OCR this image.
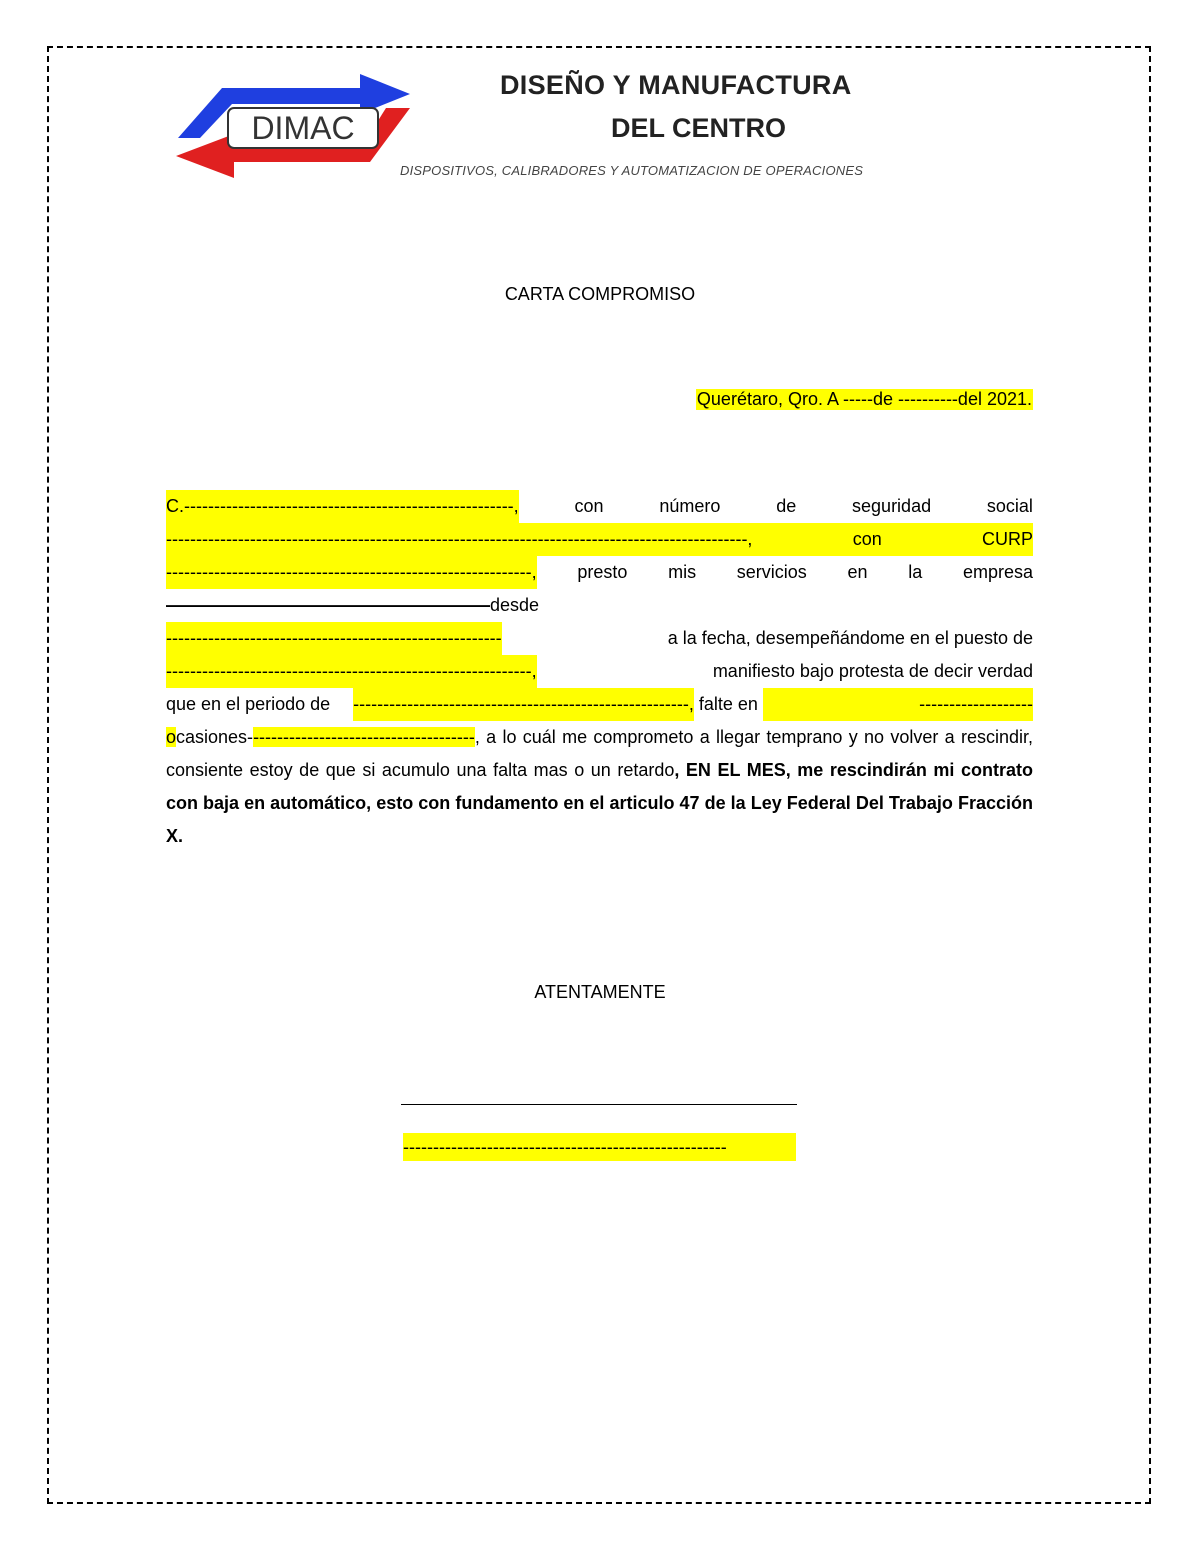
DIMAC
DISEÑO Y MANUFACTURA
DEL CENTRO
DISPOSITIVOS, CALIBRADORES Y AUTOMATIZACION DE OPERACIONES
CARTA COMPROMISO
Querétaro, Qro. A -----de ----------del 2021.
C.-------------------------------------------------------,	con	número	de	seguridad	social
-------------------------------------------------------------------------------------------------,	con	CURP
-------------------------------------------------------------, presto mis servicios en la empresa
—————————————————— desde
--------------------------------------------------------	a la fecha, desempeñándome en el puesto de
-------------------------------------------------------------,	manifiesto bajo protesta de decir verdad
que en el periodo de --------------------------------------------------------, falte en	-------------------
ocasiones--------------------------------------, a lo cuál me comprometo a llegar temprano y no volver a rescindir, consiente estoy de que si acumulo una falta mas o un retardo, EN EL MES, me rescindirán mi contrato con baja en automático, esto con fundamento en el articulo 47 de la Ley Federal Del Trabajo Fracción X.
ATENTAMENTE
------------------------------------------------------
